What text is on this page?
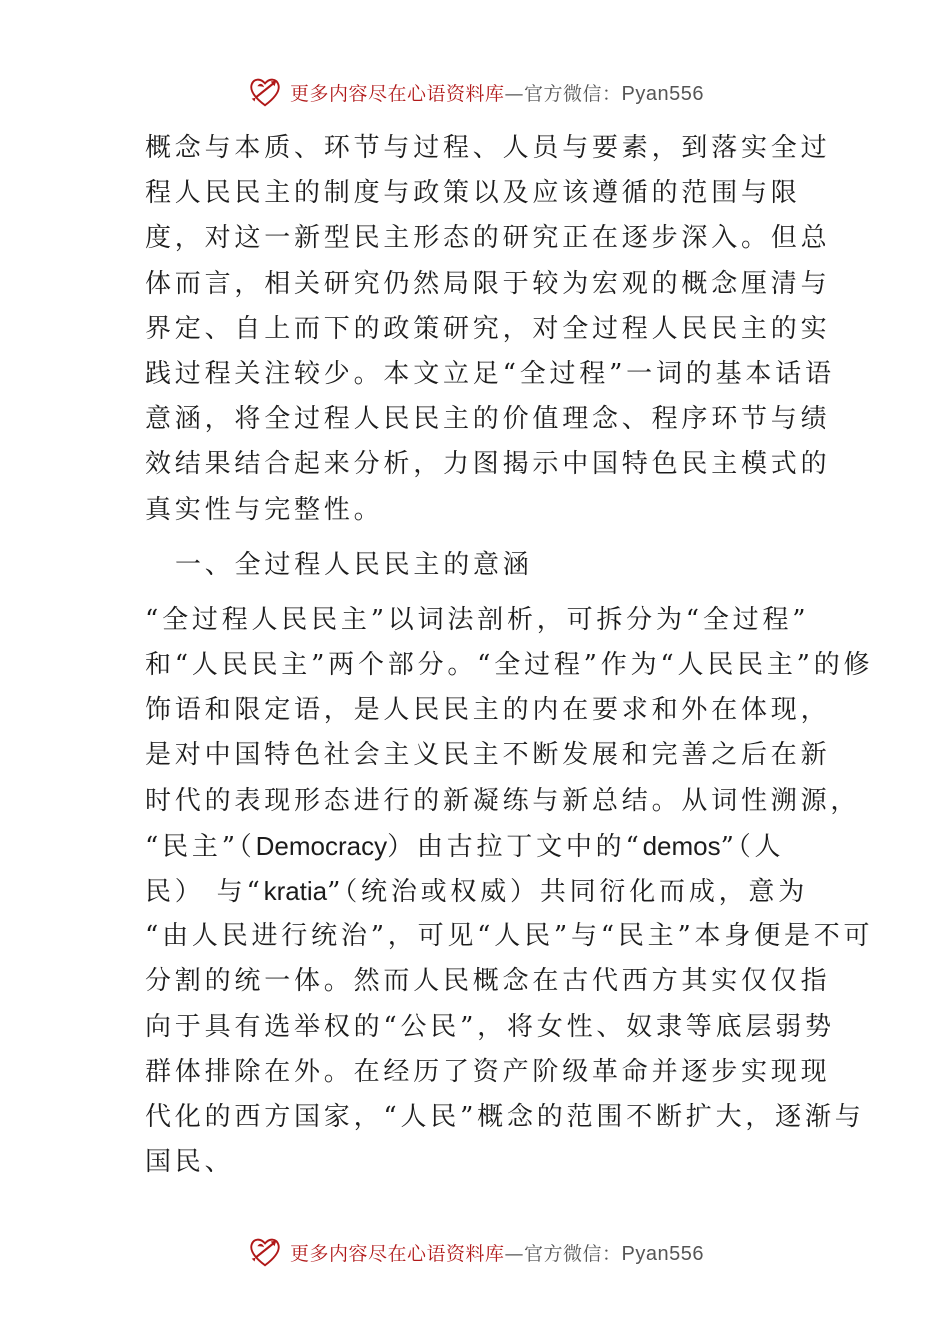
更多内容尽在心语资料库—官方微信：Pyan556
概念与本质、环节与过程、人员与要素，到落实全过
程人民民主的制度与政策以及应该遵循的范围与限
度，对这一新型民主形态的研究正在逐步深入。但总
体而言，相关研究仍然局限于较为宏观的概念厘清与
界定、自上而下的政策研究，对全过程人民民主的实
践过程关注较少。本文立足“全过程”一词的基本话语
意涵，将全过程人民民主的价值理念、程序环节与绩
效结果结合起来分析，力图揭示中国特色民主模式的
真实性与完整性。
一、全过程人民民主的意涵
“全过程人民民主”以词法剖析，可拆分为“全过程”
和“人民民主”两个部分。“全过程”作为“人民民主”的修
饰语和限定语，是人民民主的内在要求和外在体现，
是对中国特色社会主义民主不断发展和完善之后在新
时代的表现形态进行的新凝练与新总结。从词性溯源，
“民主”（Democracy）由古拉丁文中的“demos”（人
民） 与“kratia”（统治或权威）共同衍化而成，意为
“由人民进行统治”，可见“人民”与“民主”本身便是不可
分割的统一体。然而人民概念在古代西方其实仅仅指
向于具有选举权的“公民”，将女性、奴隶等底层弱势
群体排除在外。在经历了资产阶级革命并逐步实现现
代化的西方国家，“人民”概念的范围不断扩大，逐渐与
国民、
更多内容尽在心语资料库—官方微信：Pyan556
